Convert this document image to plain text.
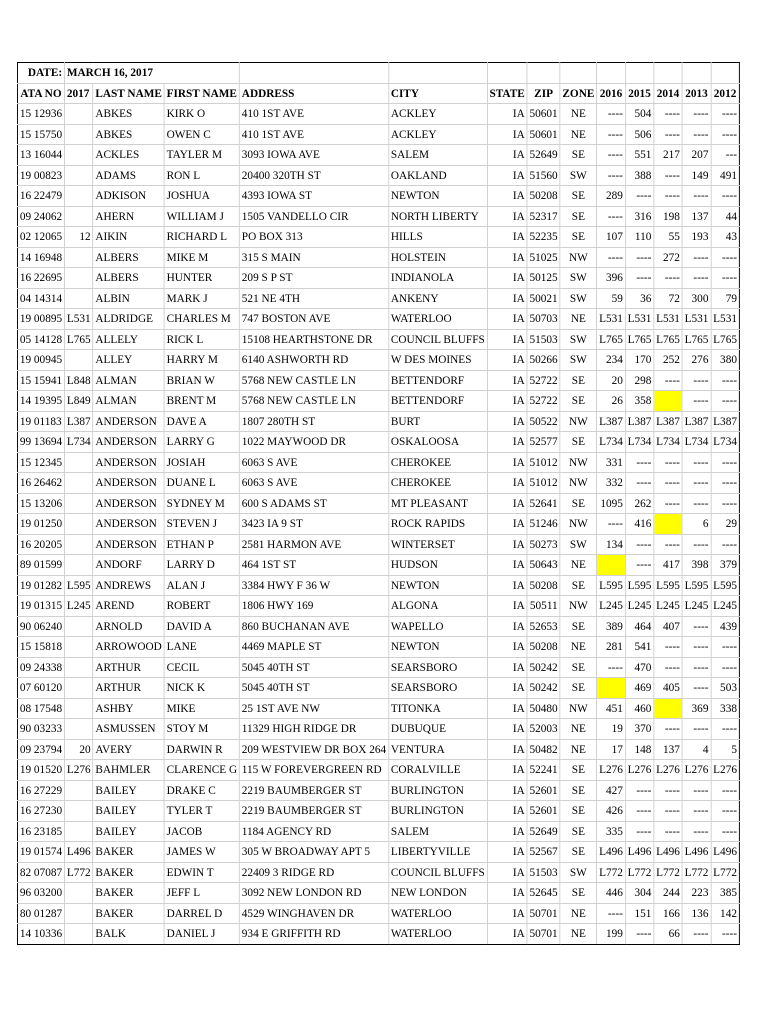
DATE:	MARCH 16, 2017												
ATA NO	2017	LAST NAME	FIRST NAME	ADDRESS	CITY	STATE	ZIP	ZONE	2016	2015	2014	2013	2012
15 12936		ABKES	KIRK O	410 1ST AVE	ACKLEY	IA	50601	NE	----	504	----	----	----
15 15750		ABKES	OWEN C	410 1ST AVE	ACKLEY	IA	50601	NE	----	506	----	----	----
13 16044		ACKLES	TAYLER M	3093 IOWA AVE	SALEM	IA	52649	SE	----	551	217	207	---
19 00823		ADAMS	RON L	20400 320TH ST	OAKLAND	IA	51560	SW	----	388	----	149	491
16 22479		ADKISON	JOSHUA	4393 IOWA ST	NEWTON	IA	50208	SE	289	----	----	----	----
09 24062		AHERN	WILLIAM J	1505 VANDELLO CIR	NORTH LIBERTY	IA	52317	SE	----	316	198	137	44
02 12065	12	AIKIN	RICHARD L	PO BOX 313	HILLS	IA	52235	SE	107	110	55	193	43
14 16948		ALBERS	MIKE M	315 S MAIN	HOLSTEIN	IA	51025	NW	----	----	272	----	----
16 22695		ALBERS	HUNTER	209 S P ST	INDIANOLA	IA	50125	SW	396	----	----	----	----
04 14314		ALBIN	MARK J	521 NE 4TH	ANKENY	IA	50021	SW	59	36	72	300	79
19 00895	L531	ALDRIDGE	CHARLES M	747 BOSTON AVE	WATERLOO	IA	50703	NE	L531	L531	L531	L531	L531
05 14128	L765	ALLELY	RICK L	15108 HEARTHSTONE DR	COUNCIL BLUFFS	IA	51503	SW	L765	L765	L765	L765	L765
19 00945		ALLEY	HARRY M	6140 ASHWORTH RD	W DES MOINES	IA	50266	SW	234	170	252	276	380
15 15941	L848	ALMAN	BRIAN W	5768 NEW CASTLE LN	BETTENDORF	IA	52722	SE	20	298	----	----	----
14 19395	L849	ALMAN	BRENT M	5768 NEW CASTLE LN	BETTENDORF	IA	52722	SE	26	358		----	----
19 01183	L387	ANDERSON	DAVE A	1807 280TH ST	BURT	IA	50522	NW	L387	L387	L387	L387	L387
99 13694	L734	ANDERSON	LARRY G	1022 MAYWOOD DR	OSKALOOSA	IA	52577	SE	L734	L734	L734	L734	L734
15 12345		ANDERSON	JOSIAH	6063 S AVE	CHEROKEE	IA	51012	NW	331	----	----	----	----
16 26462		ANDERSON	DUANE L	6063 S AVE	CHEROKEE	IA	51012	NW	332	----	----	----	----
15 13206		ANDERSON	SYDNEY M	600 S ADAMS ST	MT PLEASANT	IA	52641	SE	1095	262	----	----	----
19 01250		ANDERSON	STEVEN J	3423 IA 9 ST	ROCK RAPIDS	IA	51246	NW	----	416		6	29
16 20205		ANDERSON	ETHAN P	2581 HARMON AVE	WINTERSET	IA	50273	SW	134	----	----	----	----
89 01599		ANDORF	LARRY D	464 1ST ST	HUDSON	IA	50643	NE		----	417	398	379
19 01282	L595	ANDREWS	ALAN J	3384 HWY F 36 W	NEWTON	IA	50208	SE	L595	L595	L595	L595	L595
19 01315	L245	AREND	ROBERT	1806 HWY 169	ALGONA	IA	50511	NW	L245	L245	L245	L245	L245
90 06240		ARNOLD	DAVID A	860 BUCHANAN AVE	WAPELLO	IA	52653	SE	389	464	407	----	439
15 15818		ARROWOOD	LANE	4469 MAPLE ST	NEWTON	IA	50208	NE	281	541	----	----	----
09 24338		ARTHUR	CECIL	5045 40TH ST	SEARSBORO	IA	50242	SE	----	470	----	----	----
07 60120		ARTHUR	NICK K	5045 40TH ST	SEARSBORO	IA	50242	SE		469	405	----	503
08 17548		ASHBY	MIKE	25 1ST AVE NW	TITONKA	IA	50480	NW	451	460		369	338
90 03233		ASMUSSEN	STOY M	11329 HIGH RIDGE DR	DUBUQUE	IA	52003	NE	19	370	----	----	----
09 23794	20	AVERY	DARWIN R	209 WESTVIEW DR BOX 264	VENTURA	IA	50482	NE	17	148	137	4	5
19 01520	L276	BAHMLER	CLARENCE G	115 W FOREVERGREEN RD	CORALVILLE	IA	52241	SE	L276	L276	L276	L276	L276
16 27229		BAILEY	DRAKE C	2219 BAUMBERGER ST	BURLINGTON	IA	52601	SE	427	----	----	----	----
16 27230		BAILEY	TYLER T	2219 BAUMBERGER ST	BURLINGTON	IA	52601	SE	426	----	----	----	----
16 23185		BAILEY	JACOB	1184 AGENCY RD	SALEM	IA	52649	SE	335	----	----	----	----
19 01574	L496	BAKER	JAMES W	305 W BROADWAY APT 5	LIBERTYVILLE	IA	52567	SE	L496	L496	L496	L496	L496
82 07087	L772	BAKER	EDWIN T	22409 3 RIDGE RD	COUNCIL BLUFFS	IA	51503	SW	L772	L772	L772	L772	L772
96 03200		BAKER	JEFF L	3092 NEW LONDON RD	NEW LONDON	IA	52645	SE	446	304	244	223	385
80 01287		BAKER	DARREL D	4529 WINGHAVEN DR	WATERLOO	IA	50701	NE	----	151	166	136	142
14 10336		BALK	DANIEL J	934 E GRIFFITH RD	WATERLOO	IA	50701	NE	199	----	66	----	----
